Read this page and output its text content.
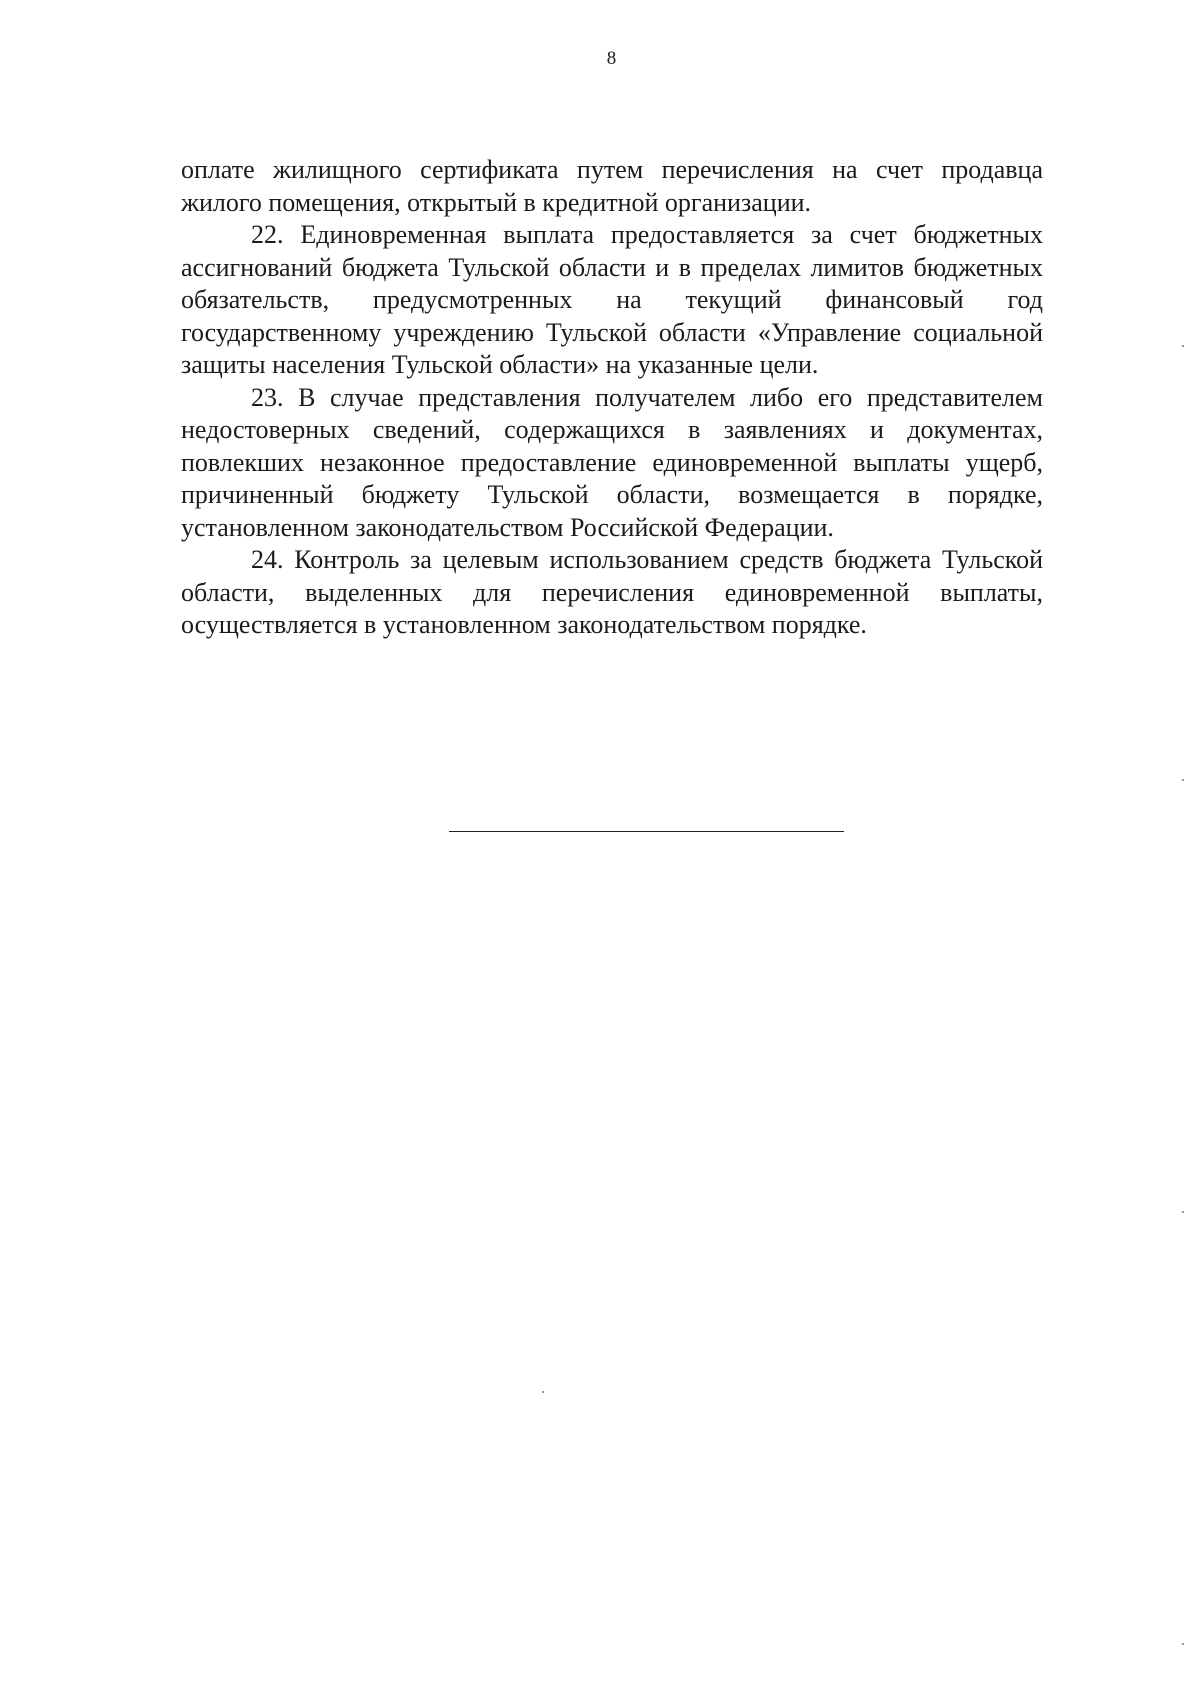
8

оплате жилищного сертификата путем перечисления на счет продавца жилого помещения, открытый в кредитной организации.

22. Единовременная выплата предоставляется за счет бюджетных ассигнований бюджета Тульской области и в пределах лимитов бюджетных обязательств, предусмотренных на текущий финансовый год государственному учреждению Тульской области «Управление социальной защиты населения Тульской области» на указанные цели.

23. В случае представления получателем либо его представителем недостоверных сведений, содержащихся в заявлениях и документах, повлекших незаконное предоставление единовременной выплаты ущерб, причиненный бюджету Тульской области, возмещается в порядке, установленном законодательством Российской Федерации.

24. Контроль за целевым использованием средств бюджета Тульской области, выделенных для перечисления единовременной выплаты, осуществляется в установленном законодательством порядке.
